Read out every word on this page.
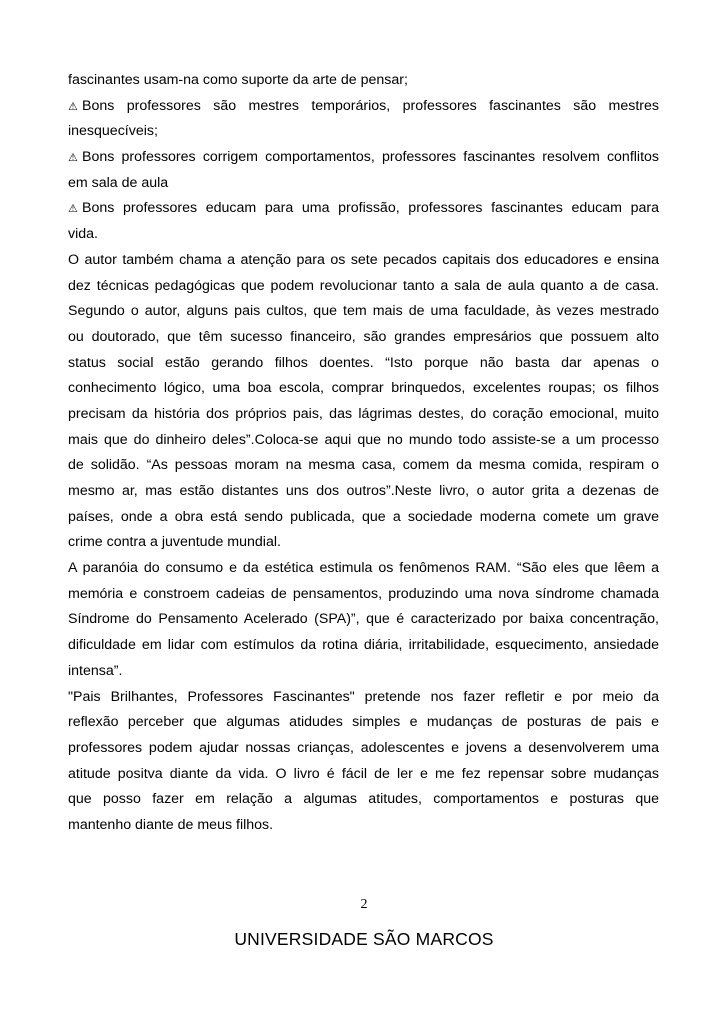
fascinantes usam-na como suporte da arte de pensar;
⚠ Bons professores são mestres temporários, professores fascinantes são mestres
inesquecíveis;
⚠ Bons professores corrigem comportamentos, professores fascinantes resolvem conflitos
em sala de aula
⚠ Bons professores educam para uma profissão, professores fascinantes educam para
vida.
O autor também chama a atenção para os sete pecados capitais dos educadores e ensina
dez técnicas pedagógicas que podem revolucionar tanto a sala de aula quanto a de casa.
Segundo o autor, alguns pais cultos, que tem mais de uma faculdade, às vezes mestrado
ou doutorado, que têm sucesso financeiro, são grandes empresários que possuem alto
status social estão gerando filhos doentes. “Isto porque não basta dar apenas o
conhecimento lógico, uma boa escola, comprar brinquedos, excelentes roupas; os filhos
precisam da história dos próprios pais, das lágrimas destes, do coração emocional, muito
mais que do dinheiro deles”.Coloca-se aqui que no mundo todo assiste-se a um processo
de solidão. “As pessoas moram na mesma casa, comem da mesma comida, respiram o
mesmo ar, mas estão distantes uns dos outros”.Neste livro, o autor grita a dezenas de
países, onde a obra está sendo publicada, que a sociedade moderna comete um grave
crime contra a juventude mundial.
A paranóia do consumo e da estética estimula os fenômenos RAM. “São eles que lêem a
memória e constroem cadeias de pensamentos, produzindo uma nova síndrome chamada
Síndrome do Pensamento Acelerado (SPA)”, que é caracterizado por baixa concentração,
dificuldade em lidar com estímulos da rotina diária, irritabilidade, esquecimento, ansiedade
intensa”.
"Pais Brilhantes, Professores Fascinantes" pretende nos fazer refletir e por meio da
reflexão perceber que algumas atidudes simples e mudanças de posturas de pais e
professores podem ajudar nossas crianças, adolescentes e jovens a desenvolverem uma
atitude positva diante da vida. O livro é fácil de ler e me fez repensar sobre mudanças
que posso fazer em relação a algumas atitudes, comportamentos e posturas que
mantenho diante de meus filhos.
2
UNIVERSIDADE SÃO MARCOS
